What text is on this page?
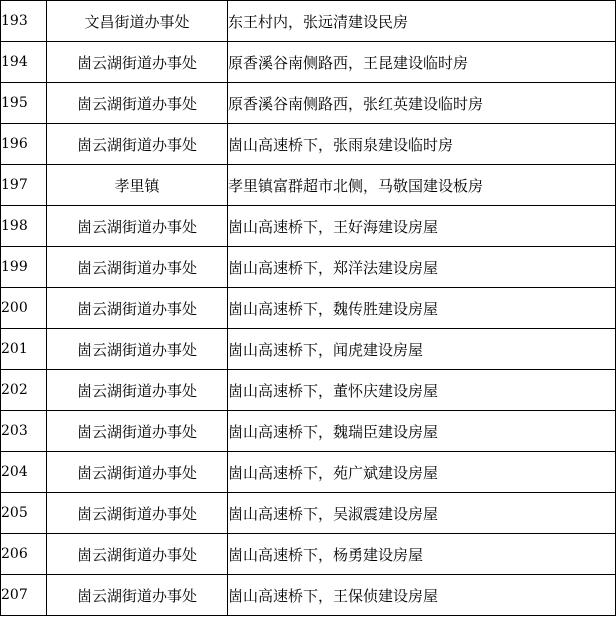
193	文昌街道办事处	东王村内，张远清建设民房
194	崮云湖街道办事处	原香溪谷南侧路西，王昆建设临时房
195	崮云湖街道办事处	原香溪谷南侧路西，张红英建设临时房
196	崮云湖街道办事处	崮山高速桥下，张雨泉建设临时房
197	孝里镇	孝里镇富群超市北侧，马敬国建设板房
198	崮云湖街道办事处	崮山高速桥下，王好海建设房屋
199	崮云湖街道办事处	崮山高速桥下，郑洋法建设房屋
200	崮云湖街道办事处	崮山高速桥下，魏传胜建设房屋
201	崮云湖街道办事处	崮山高速桥下，闻虎建设房屋
202	崮云湖街道办事处	崮山高速桥下，董怀庆建设房屋
203	崮云湖街道办事处	崮山高速桥下，魏瑞臣建设房屋
204	崮云湖街道办事处	崮山高速桥下，苑广斌建设房屋
205	崮云湖街道办事处	崮山高速桥下，吴淑震建设房屋
206	崮云湖街道办事处	崮山高速桥下，杨勇建设房屋
207	崮云湖街道办事处	崮山高速桥下，王保侦建设房屋
